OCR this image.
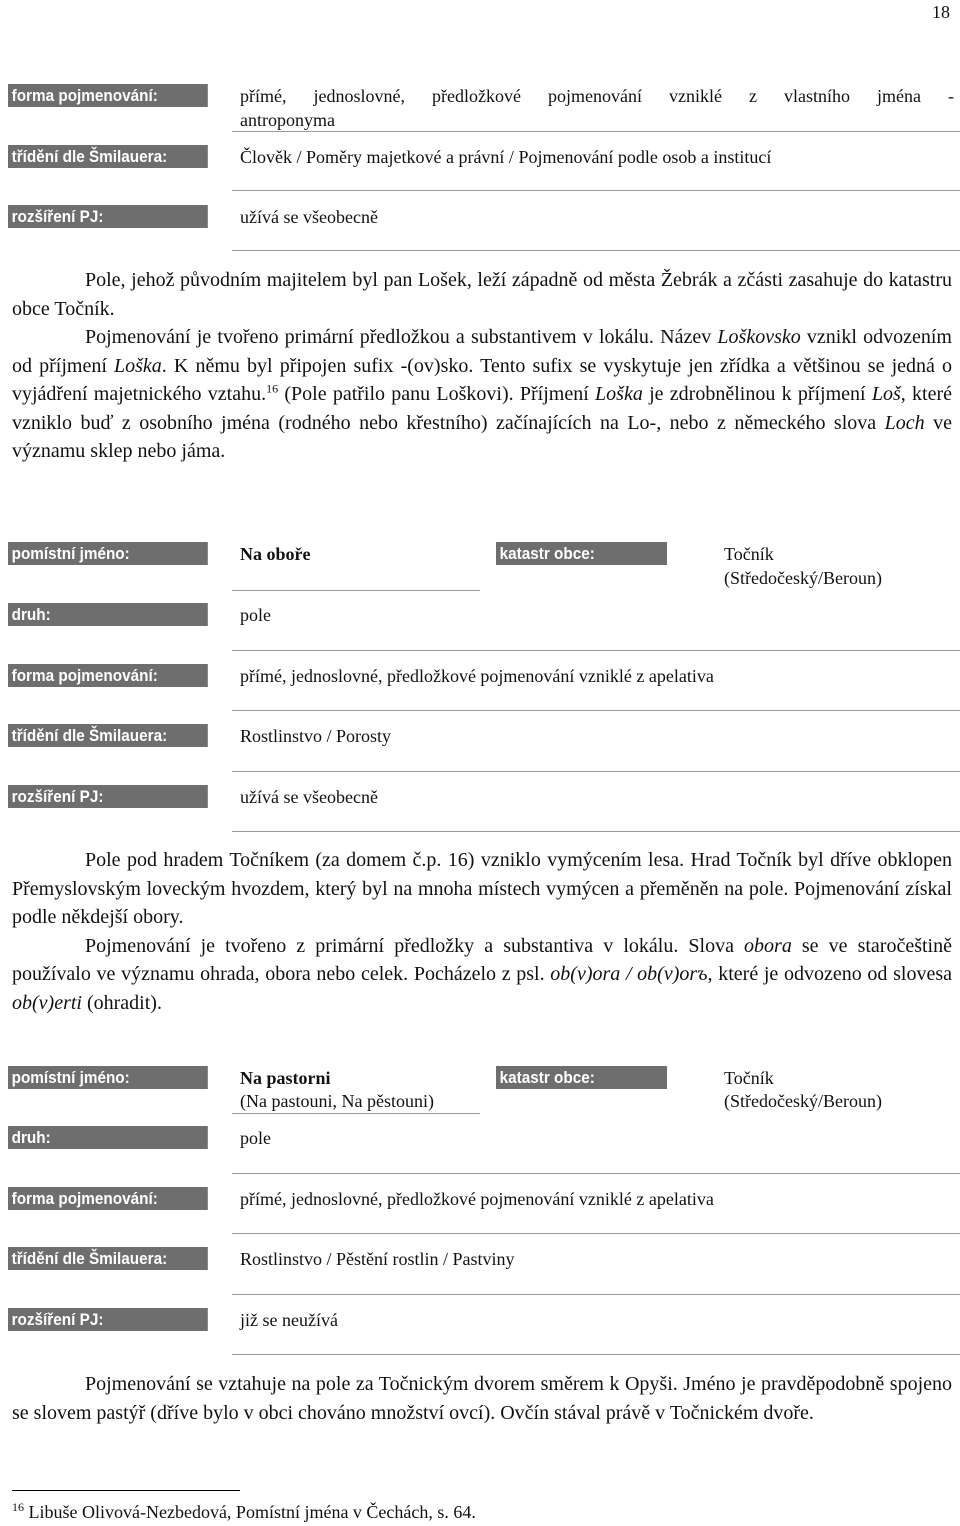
18
forma pojmenování:	přímé, jednoslovné, předložkové pojmenování vzniklé z vlastního jména -
antroponyma
třídění dle Šmilauera:	Člověk / Poměry majetkové a právní / Pojmenování podle osob a institucí
rozšíření PJ:	užívá se všeobecně
Pole, jehož původním majitelem byl pan Lošek, leží západně od města Žebrák a zčásti zasahuje do katastru obce Točník.
Pojmenování je tvořeno primární předložkou a substantivem v lokálu. Název Loškovsko vznikl odvozením od příjmení Loška. K němu byl připojen sufix -(ov)sko. Tento sufix se vyskytuje jen zřídka a většinou se jedná o vyjádření majetnického vztahu.$^{16}$ (Pole patřilo panu Loškovi). Příjmení Loška je zdrobnělinou k příjmení Loš, které vzniklo buď z osobního jména (rodného nebo křestního) začínajících na Lo-, nebo z německého slova Loch ve významu sklep nebo jáma.
pomístní jméno:	Na oboře	katastr obce:	Točník
(Středočeský/Beroun)
druh:	pole
forma pojmenování:	přímé, jednoslovné, předložkové pojmenování vzniklé z apelativa
třídění dle Šmilauera:	Rostlinstvo / Porosty
rozšíření PJ:	užívá se všeobecně
Pole pod hradem Točníkem (za domem č.p. 16) vzniklo vymýcením lesa. Hrad Točník byl dříve obklopen Přemyslovským loveckým hvozdem, který byl na mnoha místech vymýcen a přeměněn na pole. Pojmenování získal podle někdejší obory.
Pojmenování je tvořeno z primární předložky a substantiva v lokálu. Slova obora se ve staročeštině používalo ve významu ohrada, obora nebo celek. Pocházelo z psl. ob(v)ora / ob(v)orъ, které je odvozeno od slovesa ob(v)erti (ohradit).
pomístní jméno:	Na pastorni
(Na pastouni, Na pěstouni)
katastr obce:	Točník
(Středočeský/Beroun)
druh:	pole
forma pojmenování:	přímé, jednoslovné, předložkové pojmenování vzniklé z apelativa
třídění dle Šmilauera:	Rostlinstvo / Pěstění rostlin / Pastviny
rozšíření PJ:	již se neužívá
Pojmenování se vztahuje na pole za Točnickým dvorem směrem k Opyši. Jméno je pravděpodobně spojeno se slovem pastýř (dříve bylo v obci chováno množství ovcí). Ovčín stával právě v Točnickém dvoře.
$^{16}$ Libuše Olivová-Nezbedová, Pomístní jména v Čechách, s. 64.
